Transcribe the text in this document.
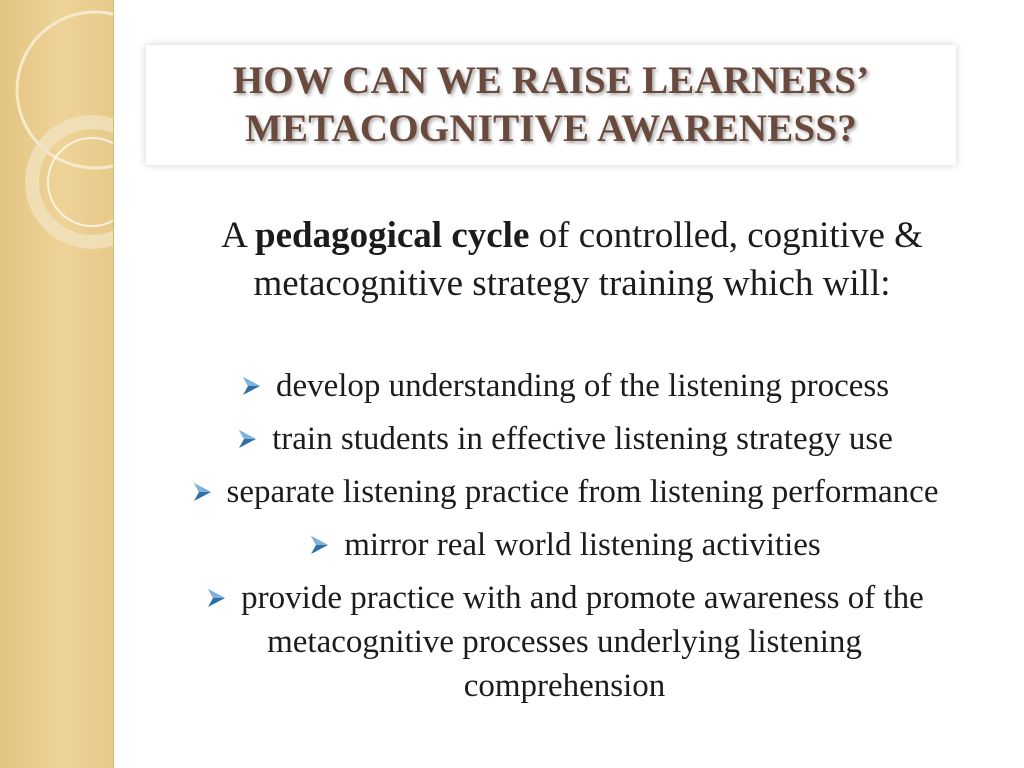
HOW CAN WE RAISE LEARNERS’
METACOGNITIVE AWARENESS?
A pedagogical cycle of controlled, cognitive &
metacognitive strategy training which will:
develop understanding of the listening process
train students in effective listening strategy use
separate listening practice from listening performance
mirror real world listening activities
provide practice with and promote awareness of the
metacognitive processes underlying listening
comprehension
